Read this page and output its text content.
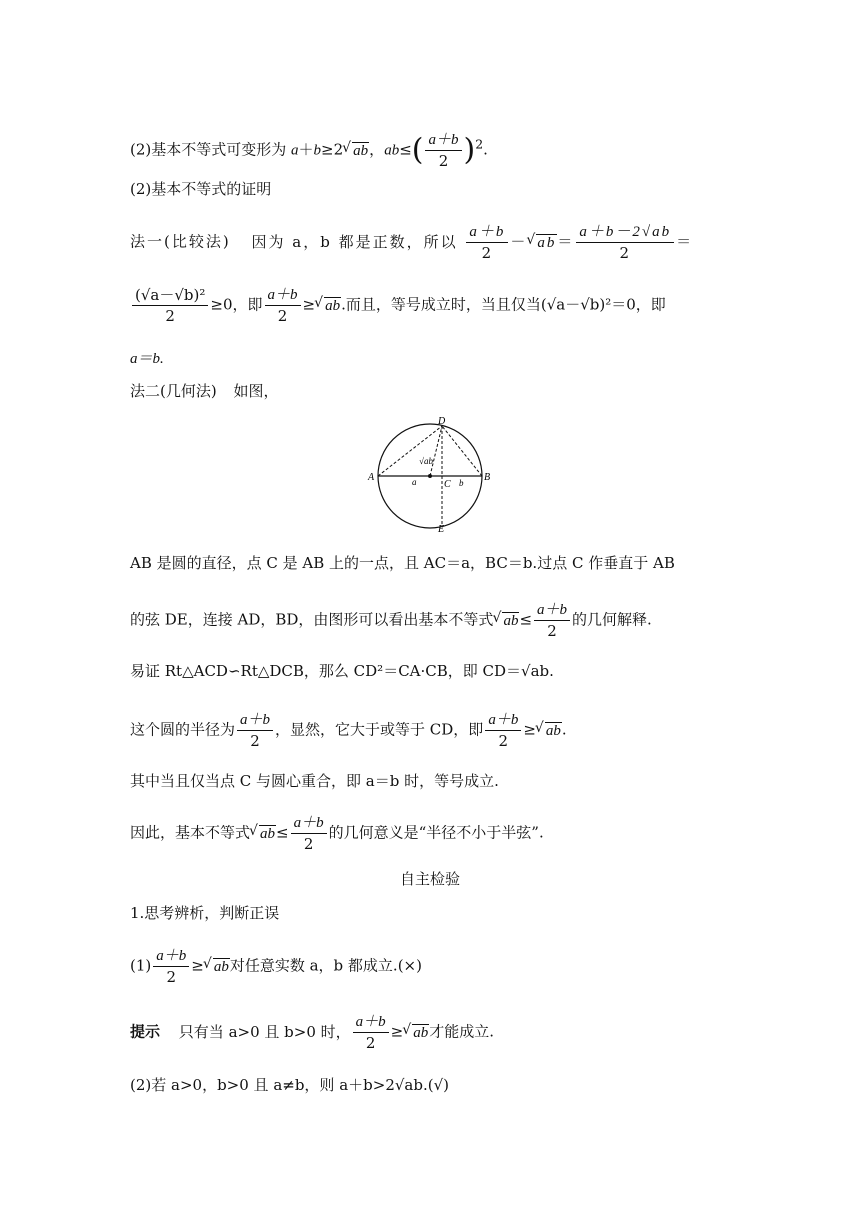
(2)基本不等式可变形为 a＋b≥2 √ ab，$ab\le( \frac{a+b}{2} )^2$.
(2)基本不等式的证明
法一(比较法) 因为 a，b 都是正数，所以 $\frac{a+b}{2}$ － √ $ab= \frac{a+b-2√ab}{2}$ ＝
$\frac{\text{(√a－√b)²}}{2} \ge 0$，即 $\frac{a+b}{2}$ ≥ √ ab.而且，等号成立时，当且仅当(√a－√b)²＝0，即
a＝b.
法二(几何法) 如图，
D
A	B
C
E
a	b
√ab
AB 是圆的直径，点 C 是 AB 上的一点，且 AC＝a，BC＝b.过点 C 作垂直于 AB
的弦 DE，连接 AD，BD，由图形可以看出基本不等式 √ $ab\le \frac{a+b}{2}$ 的几何解释.
易证 Rt△ACD∽Rt△DCB，那么 CD²＝CA·CB，即 CD＝√ab.
这个圆的半径为 $\frac{a+b}{2}$ ，显然，它大于或等于 CD，即 $\frac{a+b}{2}$ ≥ √ ab.
其中当且仅当点 C 与圆心重合，即 a＝b 时，等号成立.
因此，基本不等式 √ $ab\le \frac{a+b}{2}$ 的几何意义是“半径不小于半弦”.
自主检验
1.思考辨析，判断正误
$(1) \frac{a+b}{2}$ ≥ √ ab对任意实数 a，b 都成立.(×)
提示 只有当 a>0 且 b>0 时， $\frac{a+b}{2}$ ≥ √ ab才能成立.
(2)若 a>0，b>0 且 a≠b，则 a＋b>2√ab.(√)
